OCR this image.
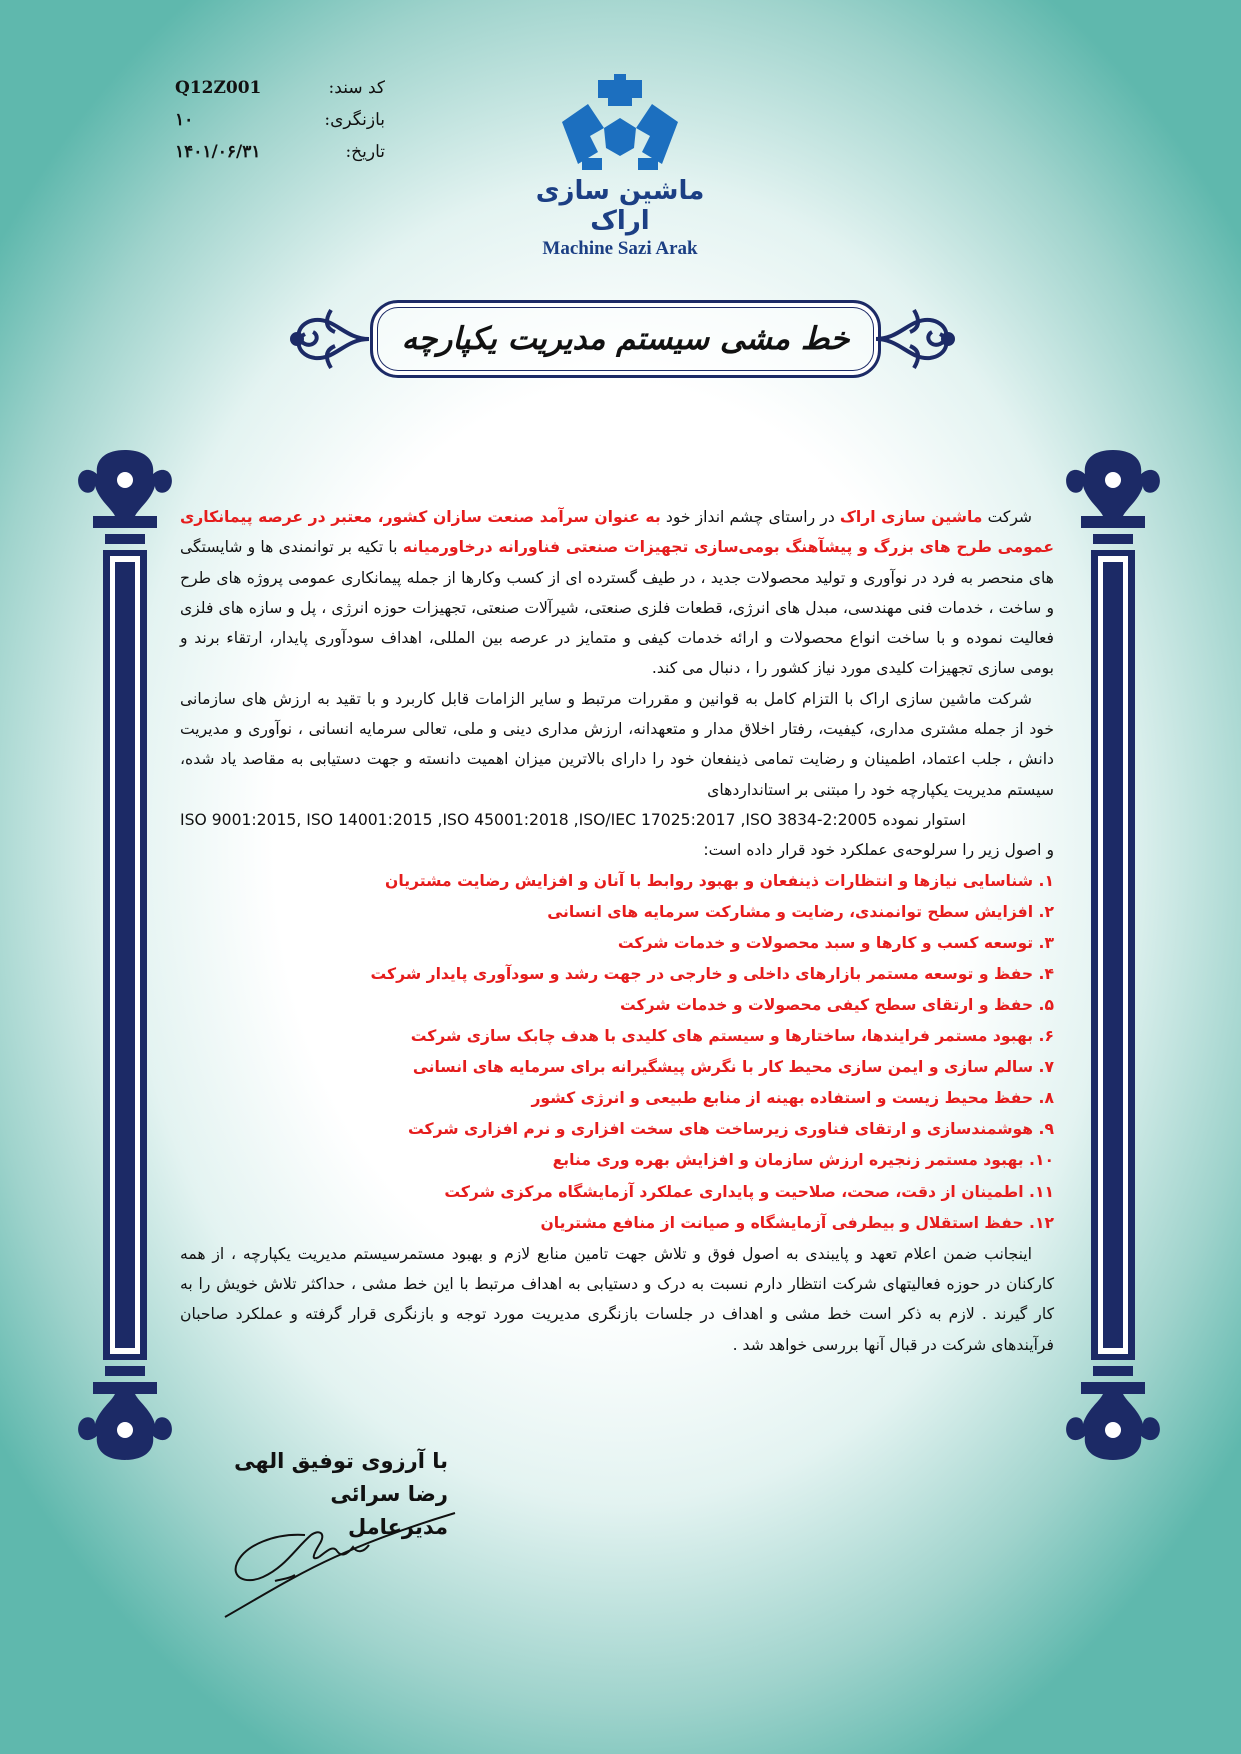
Q12Z001	کد سند:
۱۰	بازنگری:
۱۴۰۱/۰۶/۳۱	تاریخ:
ماشین سازی اراک
Machine Sazi Arak
خط مشی سیستم مدیریت یکپارچه

شرکت ماشین سازی اراک در راستای چشم انداز خود به عنوان سرآمد صنعت سازان کشور، معتبر در عرصه پیمانکاری عمومی طرح های بزرگ و پیشآهنگ بومی‌سازی تجهیزات صنعتی فناورانه درخاورمیانه با تکیه بر توانمندی ها و شایستگی های منحصر به فرد در نوآوری و تولید محصولات جدید ، در طیف گسترده ای از کسب وکارها از جمله پیمانکاری عمومی پروژه های طرح و ساخت ، خدمات فنی مهندسی، مبدل های انرژی، قطعات فلزی صنعتی، شیرآلات صنعتی، تجهیزات حوزه انرژی ، پل و سازه های فلزی فعالیت نموده و با ساخت انواع محصولات و ارائه خدمات کیفی و متمایز در عرصه بین المللی، اهداف سودآوری پایدار، ارتقاء برند و بومی سازی تجهیزات کلیدی مورد نیاز کشور را ، دنبال می کند.

شرکت ماشین سازی اراک با التزام کامل به قوانین و مقررات مرتبط و سایر الزامات قابل کاربرد و با تقید به ارزش های سازمانی خود از جمله مشتری مداری، کیفیت، رفتار اخلاق مدار و متعهدانه، ارزش مداری دینی و ملی، تعالی سرمایه انسانی ، نوآوری و مدیریت دانش ، جلب اعتماد، اطمینان و رضایت تمامی ذینفعان خود را دارای بالاترین میزان اهمیت دانسته و جهت دستیابی به مقاصد یاد شده، سیستم مدیریت یکپارچه خود را مبتنی بر استانداردهای

ISO 9001:2015, ISO 14001:2015 ,ISO 45001:2018 ,ISO/IEC 17025:2017 ,ISO 3834-2:2005 استوار نموده
و اصول زیر را سرلوحه‌ی عملکرد خود قرار داده است:
۱. شناسایی نیازها و انتظارات ذینفعان و بهبود روابط با آنان و افزایش رضایت مشتریان
۲. افزایش سطح توانمندی، رضایت و مشارکت سرمایه های انسانی
۳. توسعه کسب و کارها و سبد محصولات و خدمات شرکت
۴. حفظ و توسعه مستمر بازارهای داخلی و خارجی در جهت رشد و سودآوری پایدار شرکت
۵. حفظ و ارتقای سطح کیفی محصولات و خدمات شرکت
۶. بهبود مستمر فرایندها، ساختارها و سیستم های کلیدی با هدف چابک سازی شرکت
۷. سالم سازی و ایمن سازی محیط کار با نگرش پیشگیرانه برای سرمایه های انسانی
۸. حفظ محیط زیست و استفاده بهینه از منابع طبیعی و انرژی کشور
۹. هوشمندسازی و ارتقای فناوری زیرساخت های سخت افزاری و نرم افزاری شرکت
۱۰. بهبود مستمر زنجیره ارزش سازمان و افزایش بهره وری منابع
۱۱. اطمینان از دقت، صحت، صلاحیت و پایداری عملکرد آزمایشگاه مرکزی شرکت
۱۲. حفظ استقلال و بیطرفی آزمایشگاه و صیانت از منافع مشتریان

اینجانب ضمن اعلام تعهد و پایبندی به اصول فوق و تلاش جهت تامین منابع لازم و بهبود مستمرسیستم مدیریت یکپارچه ، از همه کارکنان در حوزه فعالیتهای شرکت انتظار دارم نسبت به درک و دستیابی به اهداف مرتبط با این خط مشی ، حداکثر تلاش خویش را به کار گیرند . لازم به ذکر است خط مشی و اهداف در جلسات بازنگری مدیریت مورد توجه و بازنگری قرار گرفته و عملکرد صاحبان فرآیندهای شرکت در قبال آنها بررسی خواهد شد .

با آرزوی توفیق الهی
رضا سرائی
مدیرعامل
